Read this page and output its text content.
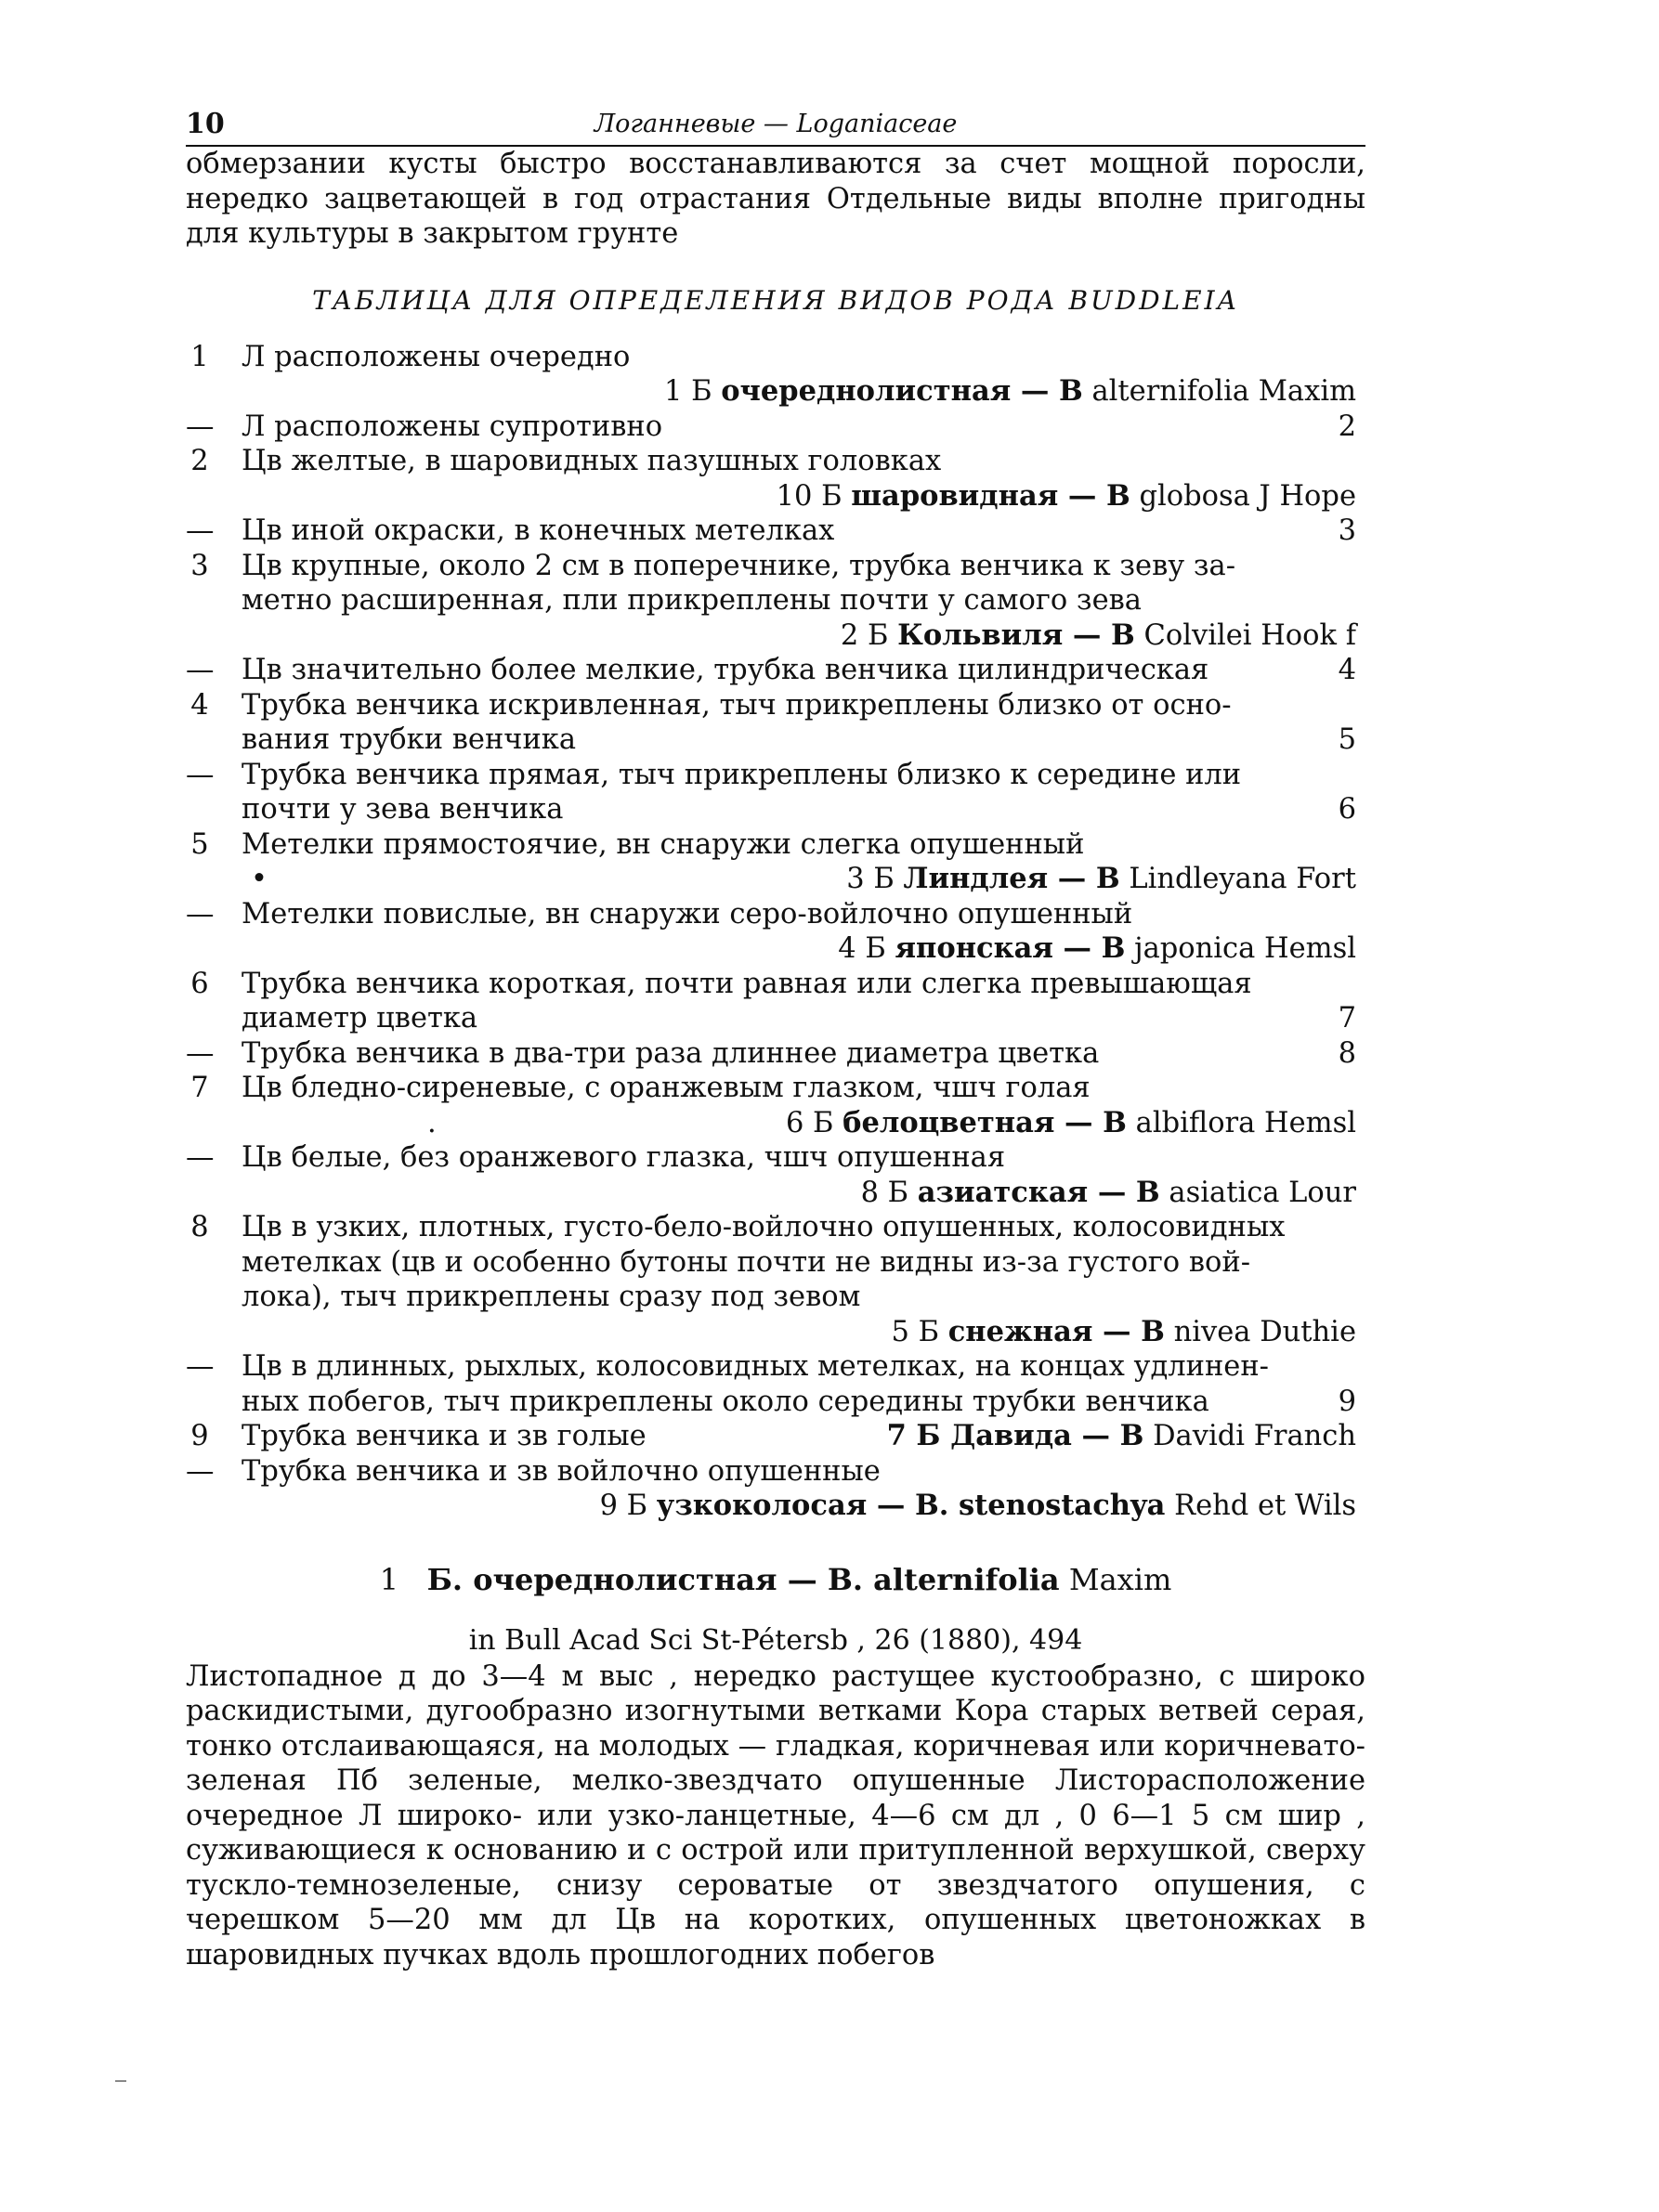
10	Логанневые — Loganiaceae

обмерзании кусты быстро восстанавливаются за счет мощной поросли, нередко зацветающей в год отрастания Отдельные виды вполне пригодны для культуры в закрытом грунте

ТАБЛИЦА ДЛЯ ОПРЕДЕЛЕНИЯ ВИДОВ РОДА BUDDLEIA
1 Л расположены очередно
1 Б очереднолистная — В alternifolia Maxim
— Л расположены супротивно	2
2 Цв желтые, в шаровидных пазушных головках
10 Б шаровидная — В globosa J Hope
— Цв иной окраски, в конечных метелках	3
3 Цв крупные, около 2 см в поперечнике, трубка венчика к зеву за-
метно расширенная, пли прикреплены почти у самого зева
2 Б Кольвиля — В Colvilei Hook f
— Цв значительно более мелкие, трубка венчика цилиндрическая	4
4 Трубка венчика искривленная, тыч прикреплены близко от осно-
вания трубки венчика	5
— Трубка венчика прямая, тыч прикреплены близко к середине или
почти у зева венчика	6
5 Метелки прямостоячие, вн снаружи слегка опушенный
•	3 Б Линдлея — В Lindleyana Fort
— Метелки повислые, вн снаружи серо-войлочно опушенный
4 Б японская — В japonica Hemsl
6 Трубка венчика короткая, почти равная или слегка превышающая
диаметр цветка	7
— Трубка венчика в два-три раза длиннее диаметра цветка	8
7 Цв бледно-сиреневые, с оранжевым глазком, чшч голая
.	6 Б белоцветная — В albiflora Hemsl
— Цв белые, без оранжевого глазка, чшч опушенная
8 Б азиатская — В asiatica Lour
8 Цв в узких, плотных, густо-бело-войлочно опушенных, колосовидных
метелках (цв и особенно бутоны почти не видны из-за густого вой-
лока), тыч прикреплены сразу под зевом
5 Б снежная — В nivea Duthie
— Цв в длинных, рыхлых, колосовидных метелках, на концах удлинен-
ных побегов, тыч прикреплены около середины трубки венчика	9
9 Трубка венчика и зв голые	7 Б Давида — В Davidi Franch
— Трубка венчика и зв войлочно опушенные
9 Б узкоколосая — B. stenostachya Rehd et Wils
1 Б. очереднолистная — B. alternifolia Maxim
in Bull Acad Sci St-Pétersb , 26 (1880), 494

Листопадное д до 3—4 м выс , нередко растущее кустообразно, с широко раскидистыми, дугообразно изогнутыми ветками Кора старых ветвей серая, тонко отслаивающаяся, на молодых — гладкая, коричневая или коричневато-зеленая Пб зеленые, мелко-звездчато опушенные Листорасположение очередное Л широко- или узко-ланцетные, 4—6 см дл , 0 6—1 5 см шир , суживающиеся к основанию и с острой или притупленной верхушкой, сверху тускло-темнозеленые, снизу сероватые от звездчатого опушения, с черешком 5—20 мм дл Цв на коротких, опушенных цветоножках в шаровидных пучках вдоль прошлогодних побегов
